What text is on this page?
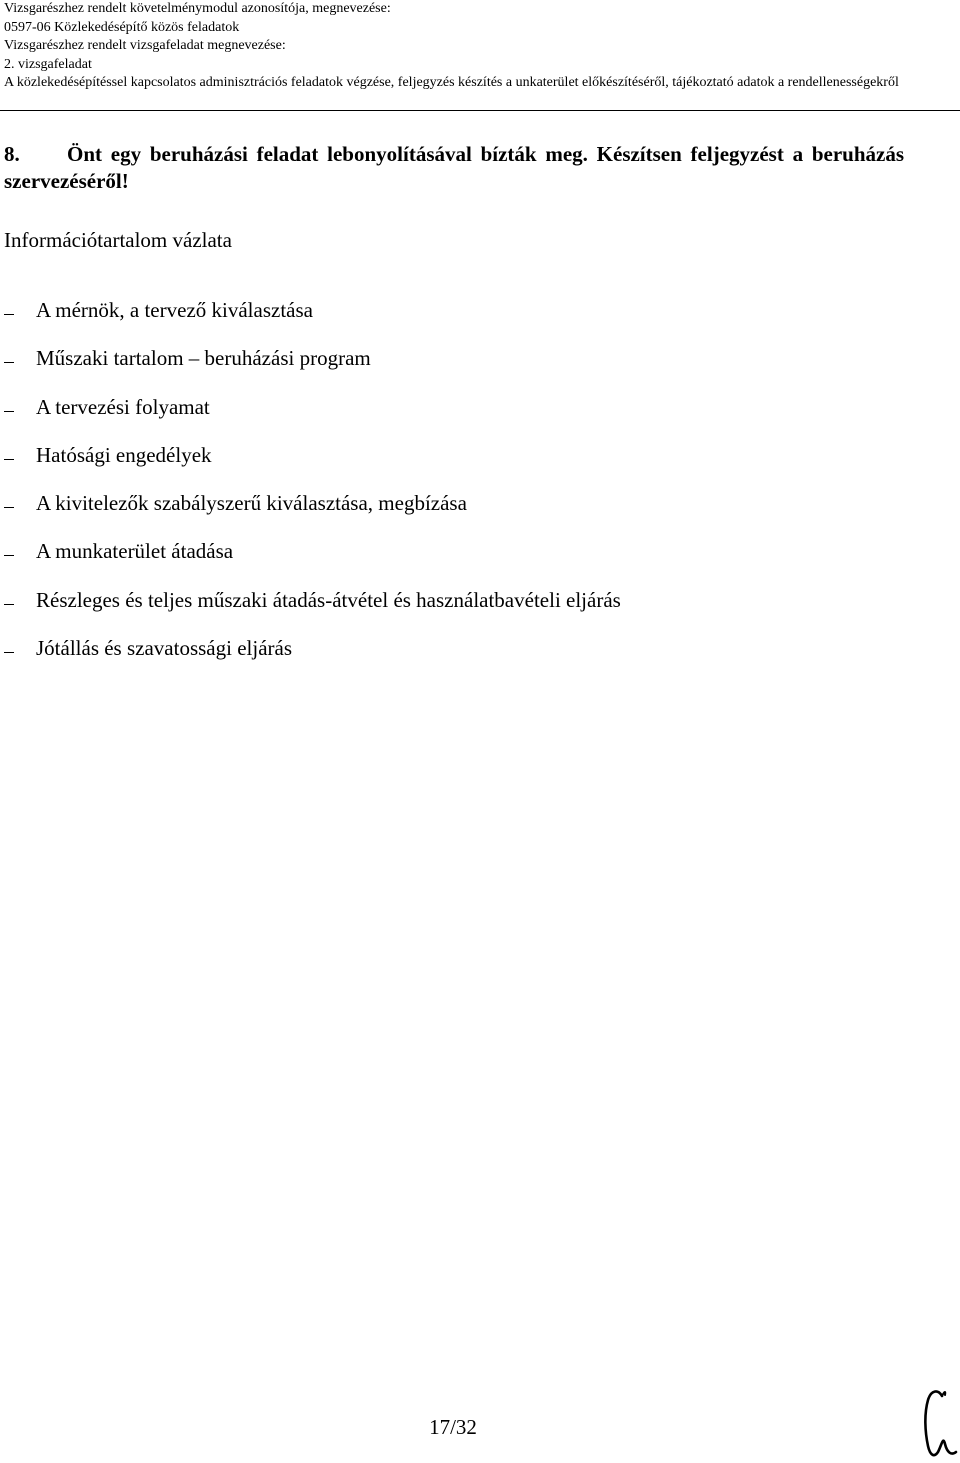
Vizsgarészhez rendelt követelménymodul azonosítója, megnevezése:
0597-06 Közlekedésépítő közös feladatok
Vizsgarészhez rendelt vizsgafeladat megnevezése:
2. vizsgafeladat
A közlekedésépítéssel kapcsolatos adminisztrációs feladatok végzése, feljegyzés készítés a unkaterület előkészítéséről, tájékoztató adatok a rendellenességekről
8. Önt egy beruházási feladat lebonyolításával bízták meg. Készítsen feljegyzést a beruházás szervezéséről!
Információtartalom vázlata
A mérnök, a tervező kiválasztása
Műszaki tartalom – beruházási program
A tervezési folyamat
Hatósági engedélyek
A kivitelezők szabályszerű kiválasztása, megbízása
A munkaterület átadása
Részleges és teljes műszaki átadás-átvétel és használatbavételi eljárás
Jótállás és szavatossági eljárás
17/32
